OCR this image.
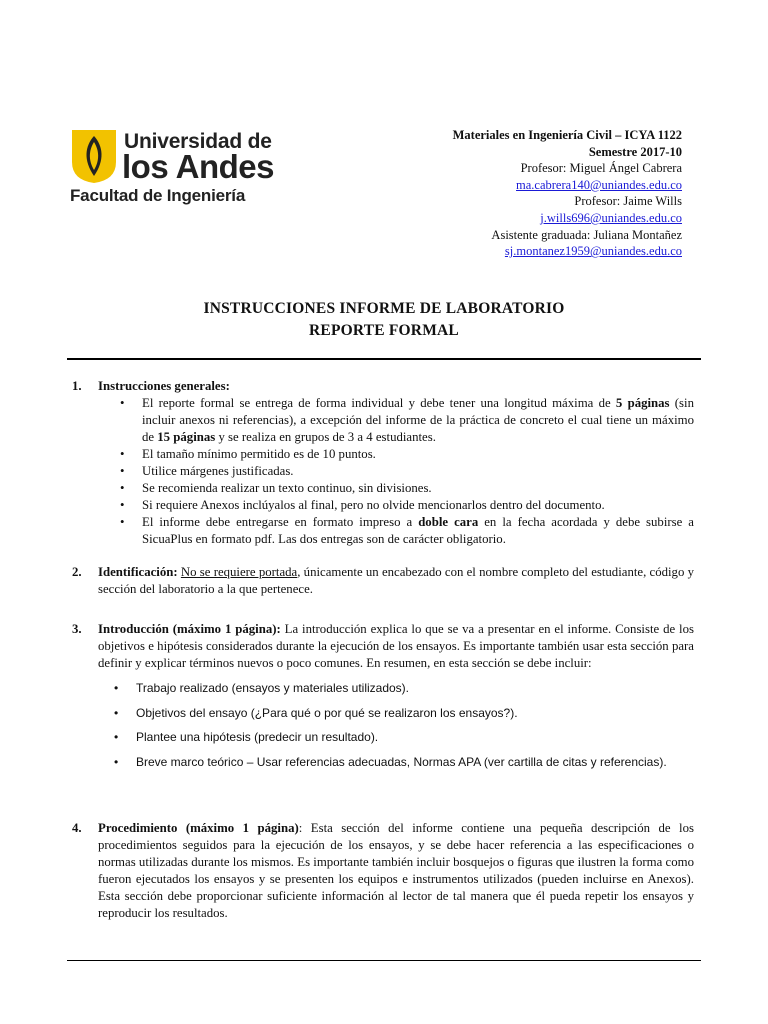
Universidad de
los Andes
Facultad de Ingeniería
Materiales en Ingeniería Civil – ICYA 1122
Semestre 2017-10
Profesor: Miguel Ángel Cabrera
ma.cabrera140@uniandes.edu.co
Profesor: Jaime Wills
j.wills696@uniandes.edu.co
Asistente graduada: Juliana Montañez
sj.montanez1959@uniandes.edu.co
INSTRUCCIONES INFORME DE LABORATORIO
REPORTE FORMAL
1. Instrucciones generales:
• El reporte formal se entrega de forma individual y debe tener una longitud máxima de 5 páginas (sin incluir anexos ni referencias), a excepción del informe de la práctica de concreto el cual tiene un máximo de 15 páginas y se realiza en grupos de 3 a 4 estudiantes.
• El tamaño mínimo permitido es de 10 puntos.
• Utilice márgenes justificadas.
• Se recomienda realizar un texto continuo, sin divisiones.
• Si requiere Anexos inclúyalos al final, pero no olvide mencionarlos dentro del documento.
• El informe debe entregarse en formato impreso a doble cara en la fecha acordada y debe subirse a SicuaPlus en formato pdf. Las dos entregas son de carácter obligatorio.
2. Identificación: No se requiere portada, únicamente un encabezado con el nombre completo del estudiante, código y sección del laboratorio a la que pertenece.
3. Introducción (máximo 1 página): La introducción explica lo que se va a presentar en el informe. Consiste de los objetivos e hipótesis considerados durante la ejecución de los ensayos. Es importante también usar esta sección para definir y explicar términos nuevos o poco comunes. En resumen, en esta sección se debe incluir:
• Trabajo realizado (ensayos y materiales utilizados).
• Objetivos del ensayo (¿Para qué o por qué se realizaron los ensayos?).
• Plantee una hipótesis (predecir un resultado).
• Breve marco teórico – Usar referencias adecuadas, Normas APA (ver cartilla de citas y referencias).
4. Procedimiento (máximo 1 página): Esta sección del informe contiene una pequeña descripción de los procedimientos seguidos para la ejecución de los ensayos, y se debe hacer referencia a las especificaciones o normas utilizadas durante los mismos. Es importante también incluir bosquejos o figuras que ilustren la forma como fueron ejecutados los ensayos y se presenten los equipos e instrumentos utilizados (pueden incluirse en Anexos). Esta sección debe proporcionar suficiente información al lector de tal manera que él pueda repetir los ensayos y reproducir los resultados.
